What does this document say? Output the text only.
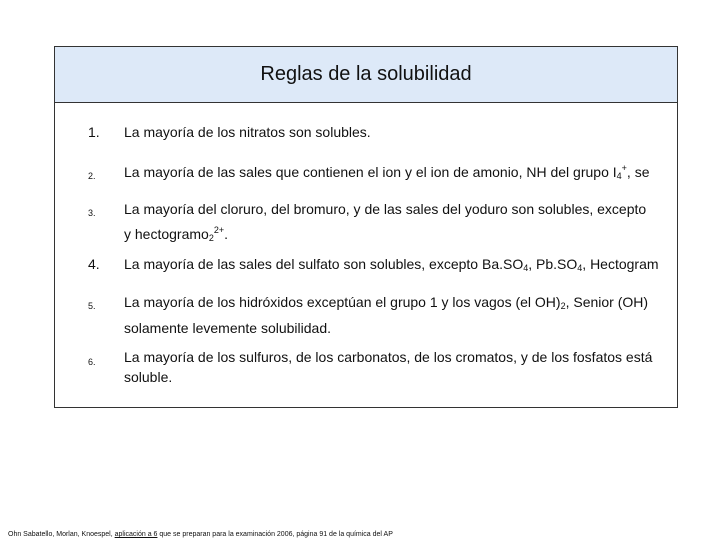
Reglas de la solubilidad
1. La mayoría de los nitratos son solubles.
2. La mayoría de las sales que contienen el ion y el ion de amonio, NH del grupo $I_4^+$, se
3. La mayoría del cloruro, del bromuro, y de las sales del yoduro son solubles, excepto
y hectogramo$_2^{2+}$.
4. La mayoría de las sales del sulfato son solubles, excepto $Ba.SO_4$, $Pb.SO_4$, Hectogram
5. La mayoría de los hidróxidos exceptúan el grupo 1 y los vagos (el $OH)_2$, Senior (OH)
solamente levemente solubilidad.
6. La mayoría de los sulfuros, de los carbonatos, de los cromatos, y de los fosfatos está
soluble.
Ohn Sabatello, Morlan, Knoespel, aplicación a 6 que se preparan para la examinación 2006, página 91 de la química del AP
